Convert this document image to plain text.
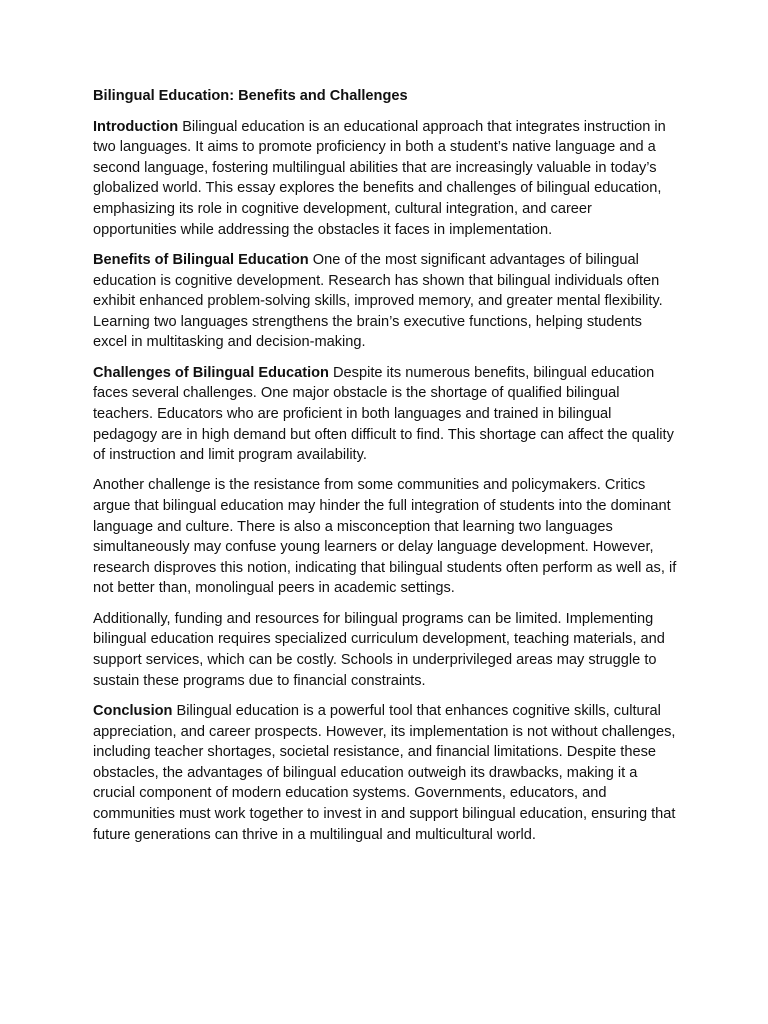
Bilingual Education: Benefits and Challenges

Introduction Bilingual education is an educational approach that integrates instruction in two languages. It aims to promote proficiency in both a student’s native language and a second language, fostering multilingual abilities that are increasingly valuable in today’s globalized world. This essay explores the benefits and challenges of bilingual education, emphasizing its role in cognitive development, cultural integration, and career opportunities while addressing the obstacles it faces in implementation.

Benefits of Bilingual Education One of the most significant advantages of bilingual education is cognitive development. Research has shown that bilingual individuals often exhibit enhanced problem-solving skills, improved memory, and greater mental flexibility. Learning two languages strengthens the brain’s executive functions, helping students excel in multitasking and decision-making.

Challenges of Bilingual Education Despite its numerous benefits, bilingual education faces several challenges. One major obstacle is the shortage of qualified bilingual teachers. Educators who are proficient in both languages and trained in bilingual pedagogy are in high demand but often difficult to find. This shortage can affect the quality of instruction and limit program availability.

Another challenge is the resistance from some communities and policymakers. Critics argue that bilingual education may hinder the full integration of students into the dominant language and culture. There is also a misconception that learning two languages simultaneously may confuse young learners or delay language development. However, research disproves this notion, indicating that bilingual students often perform as well as, if not better than, monolingual peers in academic settings.

Additionally, funding and resources for bilingual programs can be limited. Implementing bilingual education requires specialized curriculum development, teaching materials, and support services, which can be costly. Schools in underprivileged areas may struggle to sustain these programs due to financial constraints.

Conclusion Bilingual education is a powerful tool that enhances cognitive skills, cultural appreciation, and career prospects. However, its implementation is not without challenges, including teacher shortages, societal resistance, and financial limitations. Despite these obstacles, the advantages of bilingual education outweigh its drawbacks, making it a crucial component of modern education systems. Governments, educators, and communities must work together to invest in and support bilingual education, ensuring that future generations can thrive in a multilingual and multicultural world.
